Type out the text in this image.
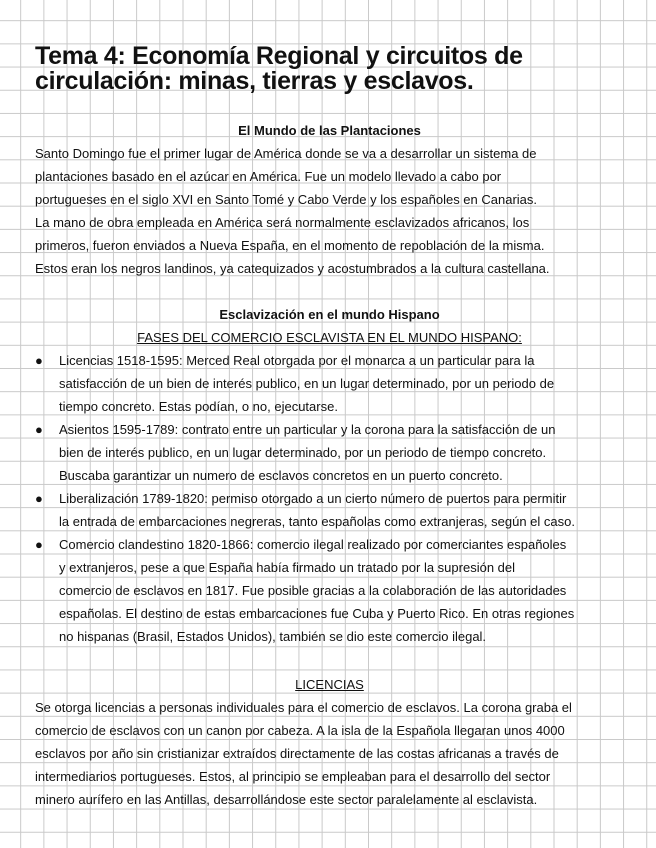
Tema 4: Economía Regional y circuitos de
circulación: minas, tierras y esclavos.
El Mundo de las Plantaciones
Santo Domingo fue el primer lugar de América donde se va a desarrollar un sistema de
plantaciones basado en el azúcar en América. Fue un modelo llevado a cabo por
portugueses en el siglo XVI en Santo Tomé y Cabo Verde y los españoles en Canarias.
La mano de obra empleada en América será normalmente esclavizados africanos, los
primeros, fueron enviados a Nueva España, en el momento de repoblación de la misma.
Estos eran los negros landinos, ya catequizados y acostumbrados a la cultura castellana.
Esclavización en el mundo Hispano
FASES DEL COMERCIO ESCLAVISTA EN EL MUNDO HISPANO:
● Licencias 1518-1595: Merced Real otorgada por el monarca a un particular para la
satisfacción de un bien de interés publico, en un lugar determinado, por un periodo de
tiempo concreto. Estas podían, o no, ejecutarse.
● Asientos 1595-1789: contrato entre un particular y la corona para la satisfacción de un
bien de interés publico, en un lugar determinado, por un periodo de tiempo concreto.
Buscaba garantizar un numero de esclavos concretos en un puerto concreto.
● Liberalización 1789-1820: permiso otorgado a un cierto número de puertos para permitir
la entrada de embarcaciones negreras, tanto españolas como extranjeras, según el caso.
● Comercio clandestino 1820-1866: comercio ilegal realizado por comerciantes españoles
y extranjeros, pese a que España había firmado un tratado por la supresión del
comercio de esclavos en 1817. Fue posible gracias a la colaboración de las autoridades
españolas. El destino de estas embarcaciones fue Cuba y Puerto Rico. En otras regiones
no hispanas (Brasil, Estados Unidos), también se dio este comercio ilegal.
LICENCIAS
Se otorga licencias a personas individuales para el comercio de esclavos. La corona graba el
comercio de esclavos con un canon por cabeza. A la isla de la Española llegaran unos 4000
esclavos por año sin cristianizar extraídos directamente de las costas africanas a través de
intermediarios portugueses. Estos, al principio se empleaban para el desarrollo del sector
minero aurífero en las Antillas, desarrollándose este sector paralelamente al esclavista.
